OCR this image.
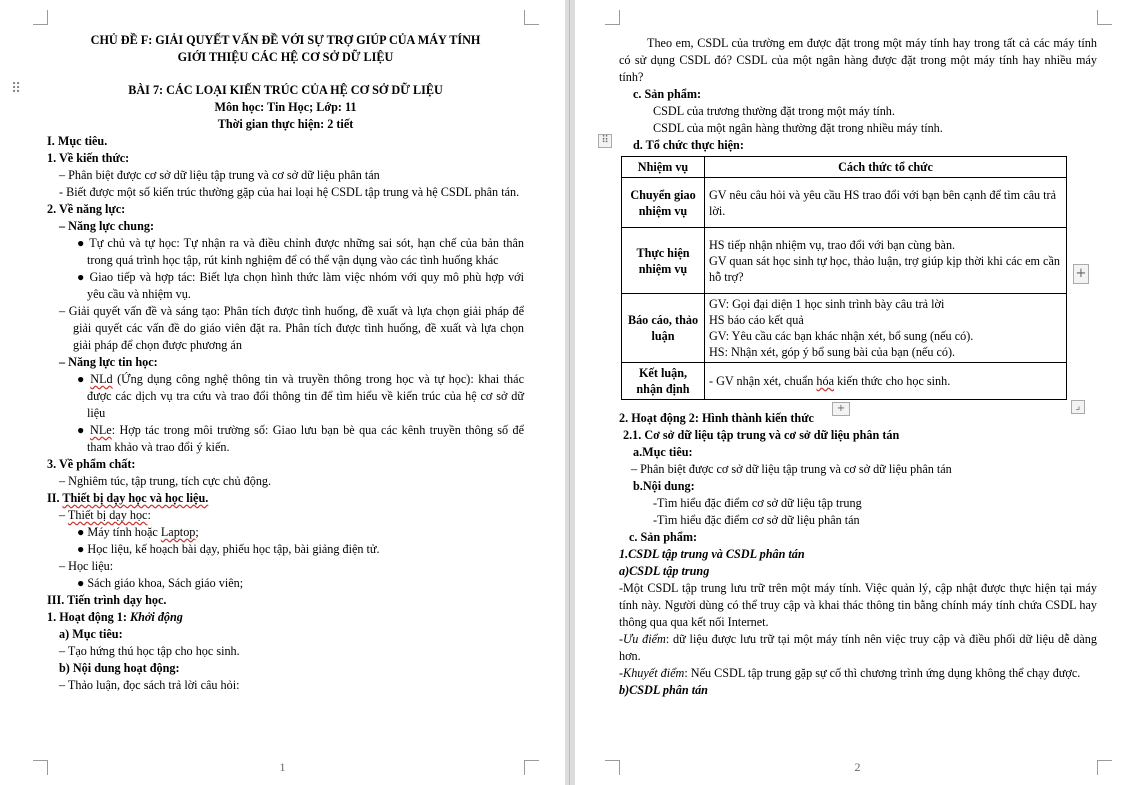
⠿

CHỦ ĐỀ F: GIẢI QUYẾT VẤN ĐỀ VỚI SỰ TRỢ GIÚP CỦA MÁY TÍNH

GIỚI THIỆU CÁC HỆ CƠ SỞ DỮ LIỆU

BÀI 7: CÁC LOẠI KIẾN TRÚC CỦA HỆ CƠ SỞ DỮ LIỆU

Môn học: Tin Học; Lớp: 11

Thời gian thực hiện: 2 tiết

I. Mục tiêu.

1. Về kiến thức:

– Phân biệt được cơ sở dữ liệu tập trung và cơ sở dữ liệu phân tán

- Biết được một số kiến trúc thường gặp của hai loại hệ CSDL tập trung và hệ CSDL phân tán.

2. Về năng lực:

– Năng lực chung:

● Tự chủ và tự học: Tự nhận ra và điều chỉnh được những sai sót, hạn chế của bản thân trong quá trình học tập, rút kinh nghiệm để có thể vận dụng vào các tình huống khác

● Giao tiếp và hợp tác: Biết lựa chọn hình thức làm việc nhóm với quy mô phù hợp với yêu cầu và nhiệm vụ.

– Giải quyết vấn đề và sáng tạo: Phân tích được tình huống, đề xuất và lựa chọn giải pháp để giải quyết các vấn đề do giáo viên đặt ra. Phân tích được tình huống, đề xuất và lựa chọn giải pháp để chọn được phương án

– Năng lực tin học:

● NLd (Ứng dụng công nghệ thông tin và truyền thông trong học và tự học): khai thác được các dịch vụ tra cứu và trao đổi thông tin để tìm hiểu về kiến trúc của hệ cơ sở dữ liệu

● NLe: Hợp tác trong môi trường số: Giao lưu bạn bè qua các kênh truyền thông số để tham khảo và trao đổi ý kiến.

3. Về phẩm chất:

– Nghiêm túc, tập trung, tích cực chủ động.

II. Thiết bị dạy học và học liệu.

– Thiết bị dạy học:

● Máy tính hoặc Laptop;

● Học liệu, kế hoạch bài dạy, phiếu học tập, bài giảng điện tử.

– Học liệu:

● Sách giáo khoa, Sách giáo viên;

III. Tiến trình dạy học.

1. Hoạt động 1: Khởi động

a) Mục tiêu:

– Tạo hứng thú học tập cho học sinh.

b) Nội dung hoạt động:

– Thảo luận, đọc sách trả lời câu hỏi:

1
⠿
+
+	⌟

Theo em, CSDL của trường em được đặt trong một máy tính hay trong tất cả các máy tính có sử dụng CSDL đó? CSDL của một ngân hàng được đặt trong một máy tính hay nhiều máy tính?

c. Sản phẩm:

CSDL của trương thường đặt trong một máy tính.

CSDL của một ngân hàng thường đặt trong nhiều máy tính.

d. Tổ chức thực hiện:

Nhiệm vụ	Cách thức tổ chức
Chuyển giao nhiệm vụ	GV nêu câu hỏi và yêu cầu HS trao đổi với bạn bên cạnh để tìm câu trả lời.
Thực hiện nhiệm vụ	HS tiếp nhận nhiệm vụ, trao đổi với bạn cùng bàn.

GV quan sát học sinh tự học, thảo luận, trợ giúp kịp thời khi các em cần hỗ trợ?

Báo cáo, thảo luận	GV: Gọi đại diện 1 học sinh trình bày câu trả lời

HS báo cáo kết quả

GV: Yêu cầu các bạn khác nhận xét, bổ sung (nếu có).

HS: Nhận xét, góp ý bổ sung bài của bạn (nếu có).

Kết luận, nhận định	- GV nhận xét, chuẩn hóa kiến thức cho học sinh.

2. Hoạt động 2: Hình thành kiến thức

2.1. Cơ sở dữ liệu tập trung và cơ sở dữ liệu phân tán

a.Mục tiêu:

– Phân biệt được cơ sở dữ liệu tập trung và cơ sở dữ liệu phân tán

b.Nội dung:

-Tìm hiểu đặc điểm cơ sở dữ liệu tập trung

-Tìm hiểu đặc điểm cơ sở dữ liệu phân tán

c. Sản phẩm:

1.CSDL tập trung và CSDL phân tán

a)CSDL tập trung

-Một CSDL tập trung lưu trữ trên một máy tính. Việc quản lý, cập nhật được thực hiện tại máy tính này. Người dùng có thể truy cập và khai thác thông tin bằng chính máy tính chứa CSDL hay thông qua qua kết nối Internet.

-Ưu điểm: dữ liệu được lưu trữ tại một máy tính nên việc truy cập và điều phối dữ liệu dễ dàng hơn.

-Khuyết điểm: Nếu CSDL tập trung gặp sự cố thì chương trình ứng dụng không thể chạy được.

b)CSDL phân tán

2
